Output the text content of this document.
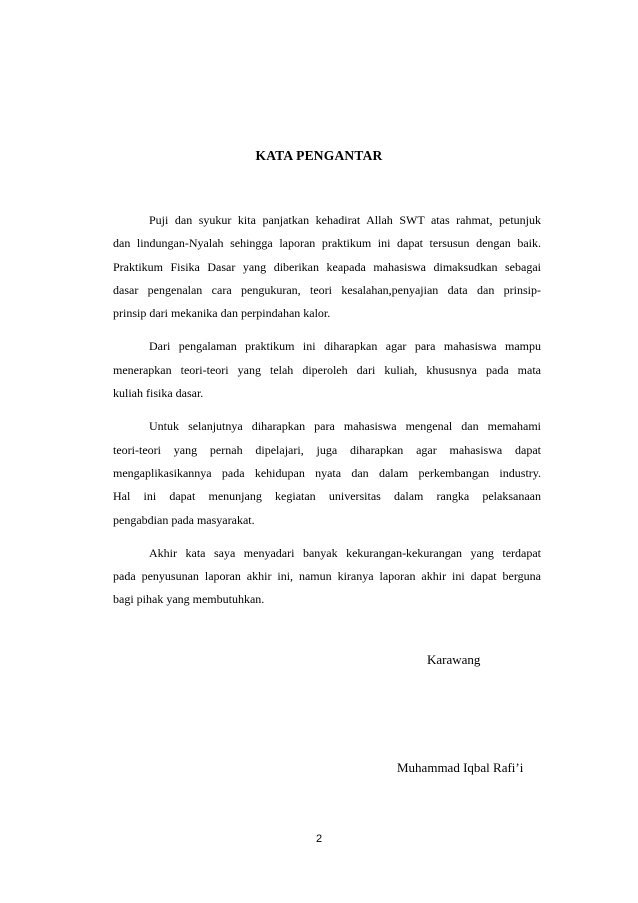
KATA PENGANTAR

Puji dan syukur kita panjatkan kehadirat Allah SWT atas rahmat, petunjuk
dan lindungan-Nyalah sehingga laporan praktikum ini dapat tersusun dengan baik.
Praktikum Fisika Dasar yang diberikan keapada mahasiswa dimaksudkan sebagai
dasar pengenalan cara pengukuran, teori kesalahan,penyajian data dan prinsip-
prinsip dari mekanika dan perpindahan kalor.

Dari pengalaman praktikum ini diharapkan agar para mahasiswa mampu
menerapkan teori-teori yang telah diperoleh dari kuliah, khususnya pada mata
kuliah fisika dasar.

Untuk selanjutnya diharapkan para mahasiswa mengenal dan memahami
teori-teori yang pernah dipelajari, juga diharapkan agar mahasiswa dapat
mengaplikasikannya pada kehidupan nyata dan dalam perkembangan industry.
Hal ini dapat menunjang kegiatan universitas dalam rangka pelaksanaan
pengabdian pada masyarakat.

Akhir kata saya menyadari banyak kekurangan-kekurangan yang terdapat
pada penyusunan laporan akhir ini, namun kiranya laporan akhir ini dapat berguna
bagi pihak yang membutuhkan.

Karawang
Muhammad Iqbal Rafi’i
2
